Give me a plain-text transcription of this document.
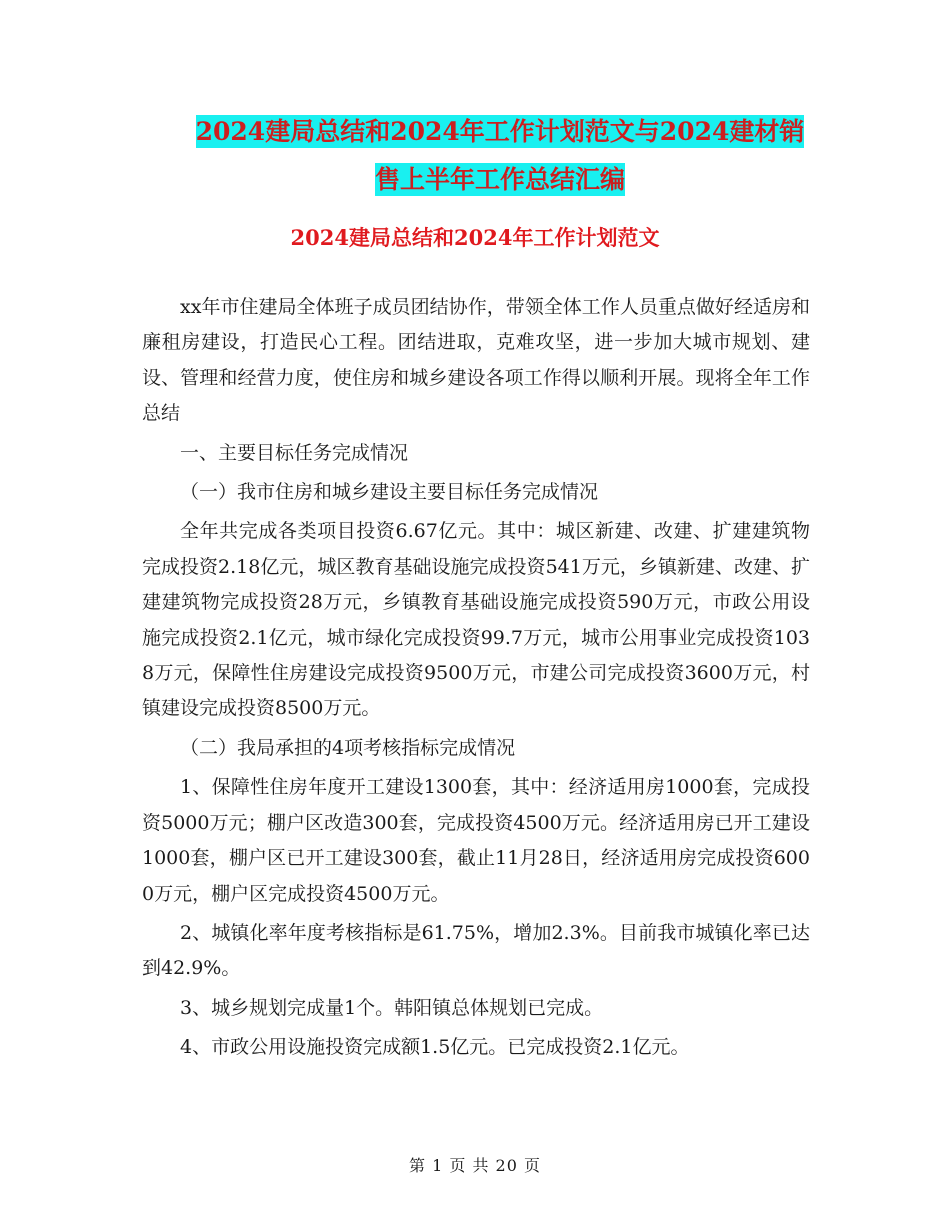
2024建局总结和2024年工作计划范文与2024建材销
售上半年工作总结汇编
2024建局总结和2024年工作计划范文

xx年市住建局全体班子成员团结协作，带领全体工作人员重点做好经适房和廉租房建设，打造民心工程。团结进取，克难攻坚，进一步加大城市规划、建设、管理和经营力度，使住房和城乡建设各项工作得以顺利开展。现将全年工作总结

一、主要目标任务完成情况

（一）我市住房和城乡建设主要目标任务完成情况

全年共完成各类项目投资6.67亿元。其中：城区新建、改建、扩建建筑物完成投资2.18亿元，城区教育基础设施完成投资541万元，乡镇新建、改建、扩建建筑物完成投资28万元，乡镇教育基础设施完成投资590万元，市政公用设施完成投资2.1亿元，城市绿化完成投资99.7万元，城市公用事业完成投资1038万元，保障性住房建设完成投资9500万元，市建公司完成投资3600万元，村镇建设完成投资8500万元。

（二）我局承担的4项考核指标完成情况

1、保障性住房年度开工建设1300套，其中：经济适用房1000套，完成投资5000万元；棚户区改造300套，完成投资4500万元。经济适用房已开工建设1000套，棚户区已开工建设300套，截止11月28日，经济适用房完成投资6000万元，棚户区完成投资4500万元。

2、城镇化率年度考核指标是61.75%，增加2.3%。目前我市城镇化率已达到42.9%。

3、城乡规划完成量1个。韩阳镇总体规划已完成。

4、市政公用设施投资完成额1.5亿元。已完成投资2.1亿元。

第 1 页 共 20 页
